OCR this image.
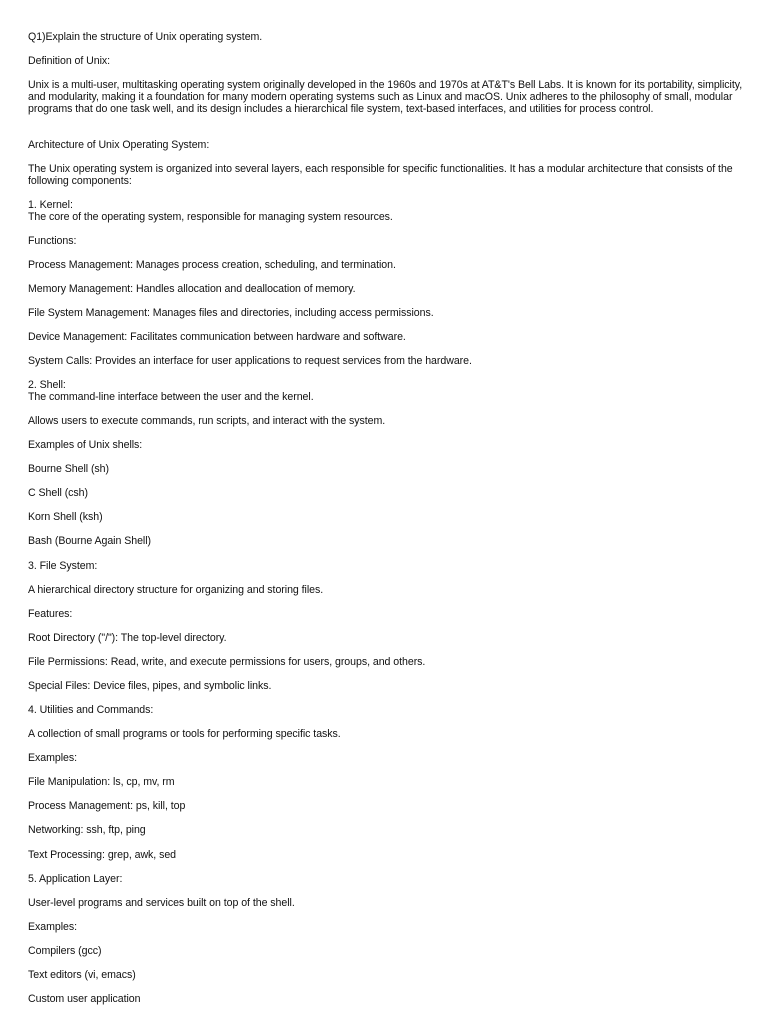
Q1)Explain the structure of Unix operating system.

Definition of Unix:

Unix is a multi-user, multitasking operating system originally developed in the 1960s and 1970s at AT&T's Bell Labs. It is known for its portability, simplicity, and modularity, making it a foundation for many modern operating systems such as Linux and macOS. Unix adheres to the philosophy of small, modular programs that do one task well, and its design includes a hierarchical file system, text-based interfaces, and utilities for process control.

Architecture of Unix Operating System:

The Unix operating system is organized into several layers, each responsible for specific functionalities. It has a modular architecture that consists of the following components:

1. Kernel:
The core of the operating system, responsible for managing system resources.

Functions:

Process Management: Manages process creation, scheduling, and termination.

Memory Management: Handles allocation and deallocation of memory.

File System Management: Manages files and directories, including access permissions.

Device Management: Facilitates communication between hardware and software.

System Calls: Provides an interface for user applications to request services from the hardware.

2. Shell:
The command-line interface between the user and the kernel.

Allows users to execute commands, run scripts, and interact with the system.

Examples of Unix shells:

Bourne Shell (sh)

C Shell (csh)

Korn Shell (ksh)

Bash (Bourne Again Shell)

3. File System:

A hierarchical directory structure for organizing and storing files.

Features:

Root Directory ("/"): The top-level directory.

File Permissions: Read, write, and execute permissions for users, groups, and others.

Special Files: Device files, pipes, and symbolic links.

4. Utilities and Commands:

A collection of small programs or tools for performing specific tasks.

Examples:

File Manipulation: ls, cp, mv, rm

Process Management: ps, kill, top

Networking: ssh, ftp, ping

Text Processing: grep, awk, sed

5. Application Layer:

User-level programs and services built on top of the shell.

Examples:

Compilers (gcc)

Text editors (vi, emacs)

Custom user application
